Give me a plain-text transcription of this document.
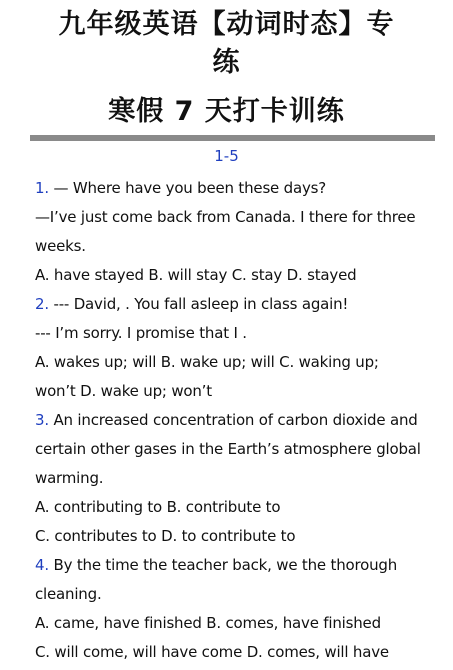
九年级英语【动词时态】专
练
寒假 7 天打卡训练
1-5
1. — Where have you been these days?
—I’ve just come back from Canada. I there for three
weeks.
A. have stayed B. will stay C. stay D. stayed
2. --- David, . You fall asleep in class again!
--- I’m sorry. I promise that I .
A. wakes up; will B. wake up; will C. waking up;
won’t D. wake up; won’t
3. An increased concentration of carbon dioxide and
certain other gases in the Earth’s atmosphere global
warming.
A. contributing to B. contribute to
C. contributes to D. to contribute to
4. By the time the teacher back, we the thorough
cleaning.
A. came, have finished B. comes, have finished
C. will come, will have come D. comes, will have
